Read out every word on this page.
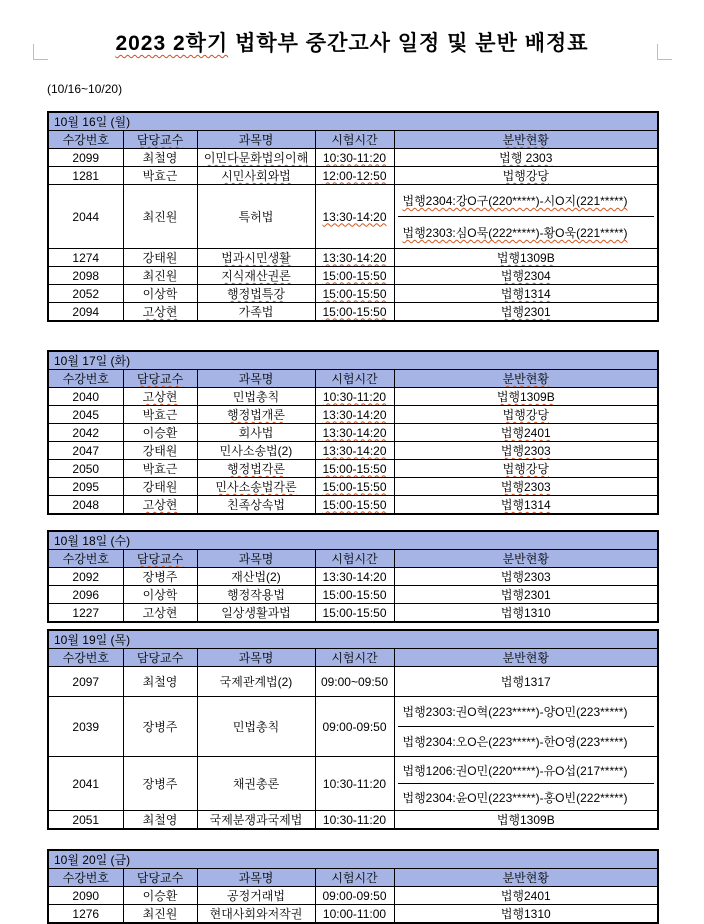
2023 2학기 법학부 중간고사 일정 및 분반 배정표
(10/16~10/20)
10월 16일 (월)				
수강번호	담당교수	과목명	시험시간	분반현황
2099	최철영	이민다문화법의이해	10:30-11:20	법행 2303
1281	박효근	시민사회와법	12:00-12:50	법행강당
2044	최진원	특허법	13:30-14:20	법행2304:강O구(220*****)-시O지(221*****)
법행2303:심O묵(222*****)-황O욱(221*****)

1274	강태원	법과시민생활	13:30-14:20	법행1309B
2098	최진원	지식재산권론	15:00-15:50	법행2304
2052	이상학	행정법특강	15:00-15:50	법행1314
2094	고상현	가족법	15:00-15:50	법행2301
10월 17일 (화)				
수강번호	담당교수	과목명	시험시간	분반현황
2040	고상현	민법총칙	10:30-11:20	법행1309B
2045	박효근	행정법개론	13:30-14:20	법행강당
2042	이승환	회사법	13:30-14:20	법행2401
2047	강태원	민사소송법(2)	13:30-14:20	법행2303
2050	박효근	행정법각론	15:00-15:50	법행강당
2095	강태원	민사소송법각론	15:00-15:50	법행2303
2048	고상현	친족상속법	15:00-15:50	법행1314
10월 18일 (수)				
수강번호	담당교수	과목명	시험시간	분반현황
2092	장병주	재산법(2)	13:30-14:20	법행2303
2096	이상학	행정작용법	15:00-15:50	법행2301
1227	고상현	일상생활과법	15:00-15:50	법행1310
10월 19일 (목)				
수강번호	담당교수	과목명	시험시간	분반현황
2097	최철영	국제관계법(2)	09:00~09:50	법행1317
2039	장병주	민법총칙	09:00-09:50	법행2303:권O혁(223*****)-양O민(223*****)
법행2304:오O은(223*****)-한O영(223*****)

2041	장병주	채권총론	10:30-11:20	법행1206:권O민(220*****)-유O섭(217*****)
법행2304:윤O민(223*****)-홍O빈(222*****)

2051	최철영	국제분쟁과국제법	10:30-11:20	법행1309B
10월 20일 (금)				
수강번호	담당교수	과목명	시험시간	분반현황
2090	이승환	공정거래법	09:00-09:50	법행2401
1276	최진원	현대사회와저작권	10:00-11:00	법행1310
